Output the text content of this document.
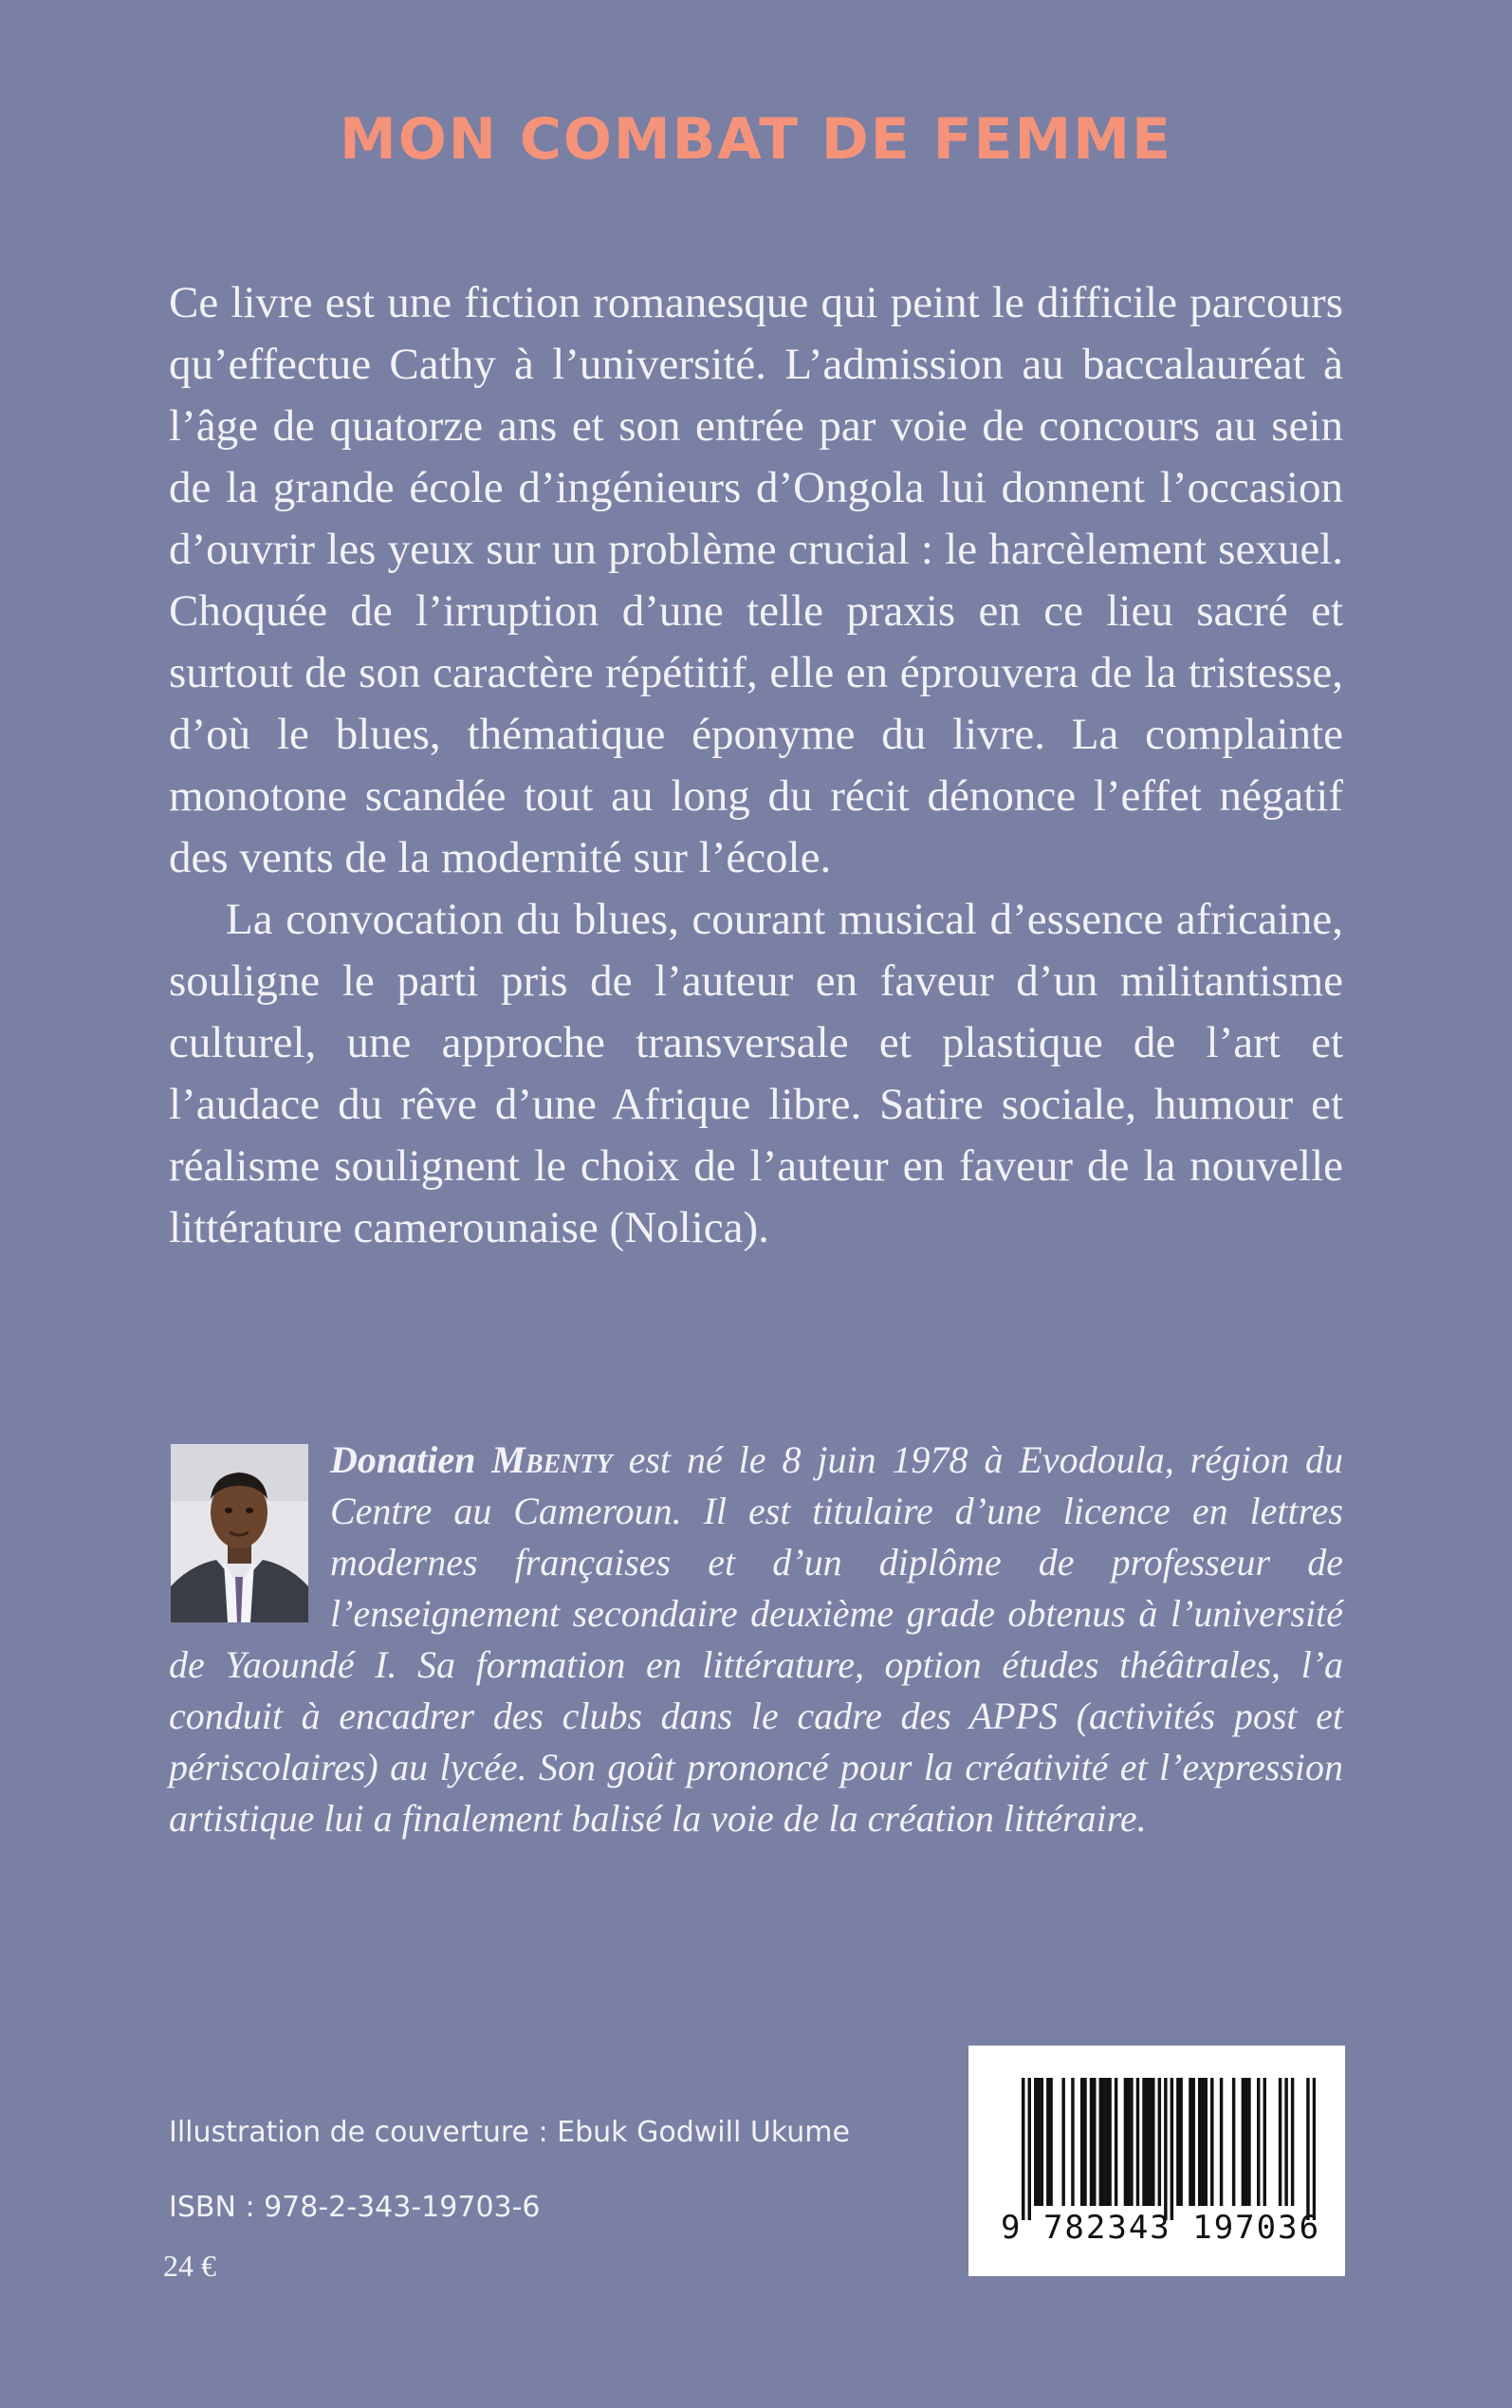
MON COMBAT DE FEMME

Ce livre est une fiction romanesque qui peint le difficile parcours qu’effectue Cathy à l’université. L’admission au baccalauréat à l’âge de quatorze ans et son entrée par voie de concours au sein de la grande école d’ingénieurs d’Ongola lui donnent l’occasion d’ouvrir les yeux sur un problème crucial : le harcèlement sexuel. Choquée de l’irruption d’une telle praxis en ce lieu sacré et surtout de son caractère répétitif, elle en éprouvera de la tristesse, d’où le blues, thématique éponyme du livre. La complainte monotone scandée tout au long du récit dénonce l’effet négatif des vents de la modernité sur l’école.

La convocation du blues, courant musical d’essence africaine, souligne le parti pris de l’auteur en faveur d’un militantisme culturel, une approche transversale et plastique de l’art et l’audace du rêve d’une Afrique libre. Satire sociale, humour et réalisme soulignent le choix de l’auteur en faveur de la nouvelle littérature camerounaise (Nolica).

Donatien Mbenty est né le 8 juin 1978 à Evodoula, région du Centre au Cameroun. Il est titulaire d’une licence en lettres modernes françaises et d’un diplôme de professeur de l’enseignement secondaire deuxième grade obtenus à l’université de Yaoundé I. Sa formation en littérature, option études théâtrales, l’a conduit à encadrer des clubs dans le cadre des APPS (activités post et périscolaires) au lycée. Son goût prononcé pour la créativité et l’expression artistique lui a finalement balisé la voie de la création littéraire.
Illustration de couverture : Ebuk Godwill Ukume
ISBN : 978-2-343-19703-6
24 €
9 782343 197036
